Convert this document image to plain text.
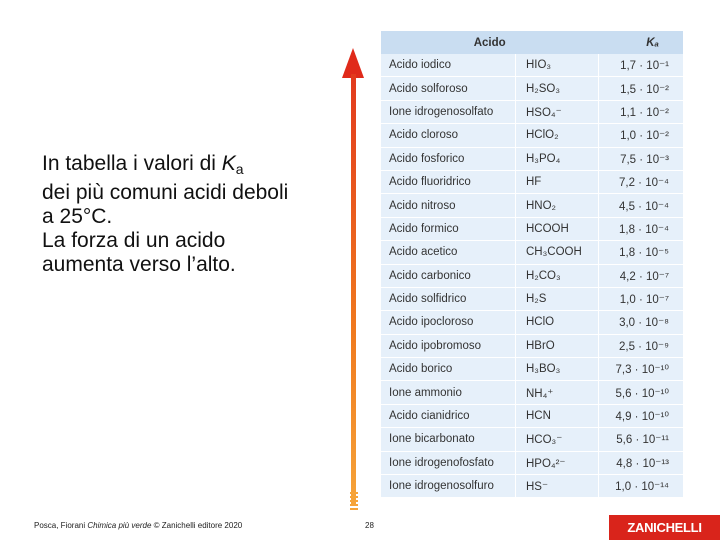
In tabella i valori di $K_a$

dei più comuni acidi deboli

a 25°C.

La forza di un acido

aumenta verso l’alto.

Acido		Kₐ
Acido iodico	HIO₃	1,7 · 10⁻¹
Acido solforoso	H₂SO₃	1,5 · 10⁻²
Ione idrogenosolfato	HSO₄⁻	1,1 · 10⁻²
Acido cloroso	HClO₂	1,0 · 10⁻²
Acido fosforico	H₃PO₄	7,5 · 10⁻³
Acido fluoridrico	HF	7,2 · 10⁻⁴
Acido nitroso	HNO₂	4,5 · 10⁻⁴
Acido formico	HCOOH	1,8 · 10⁻⁴
Acido acetico	CH₃COOH	1,8 · 10⁻⁵
Acido carbonico	H₂CO₃	4,2 · 10⁻⁷
Acido solfidrico	H₂S	1,0 · 10⁻⁷
Acido ipocloroso	HClO	3,0 · 10⁻⁸
Acido ipobromoso	HBrO	2,5 · 10⁻⁹
Acido borico	H₃BO₃	7,3 · 10⁻¹⁰
Ione ammonio	NH₄⁺	5,6 · 10⁻¹⁰
Acido cianidrico	HCN	4,9 · 10⁻¹⁰
Ione bicarbonato	HCO₃⁻	5,6 · 10⁻¹¹
Ione idrogenofosfato	HPO₄²⁻	4,8 · 10⁻¹³
Ione idrogenosolfuro	HS⁻	1,0 · 10⁻¹⁴
Posca, Fiorani Chimica più verde © Zanichelli editore 2020	28	ZANICHELLI
